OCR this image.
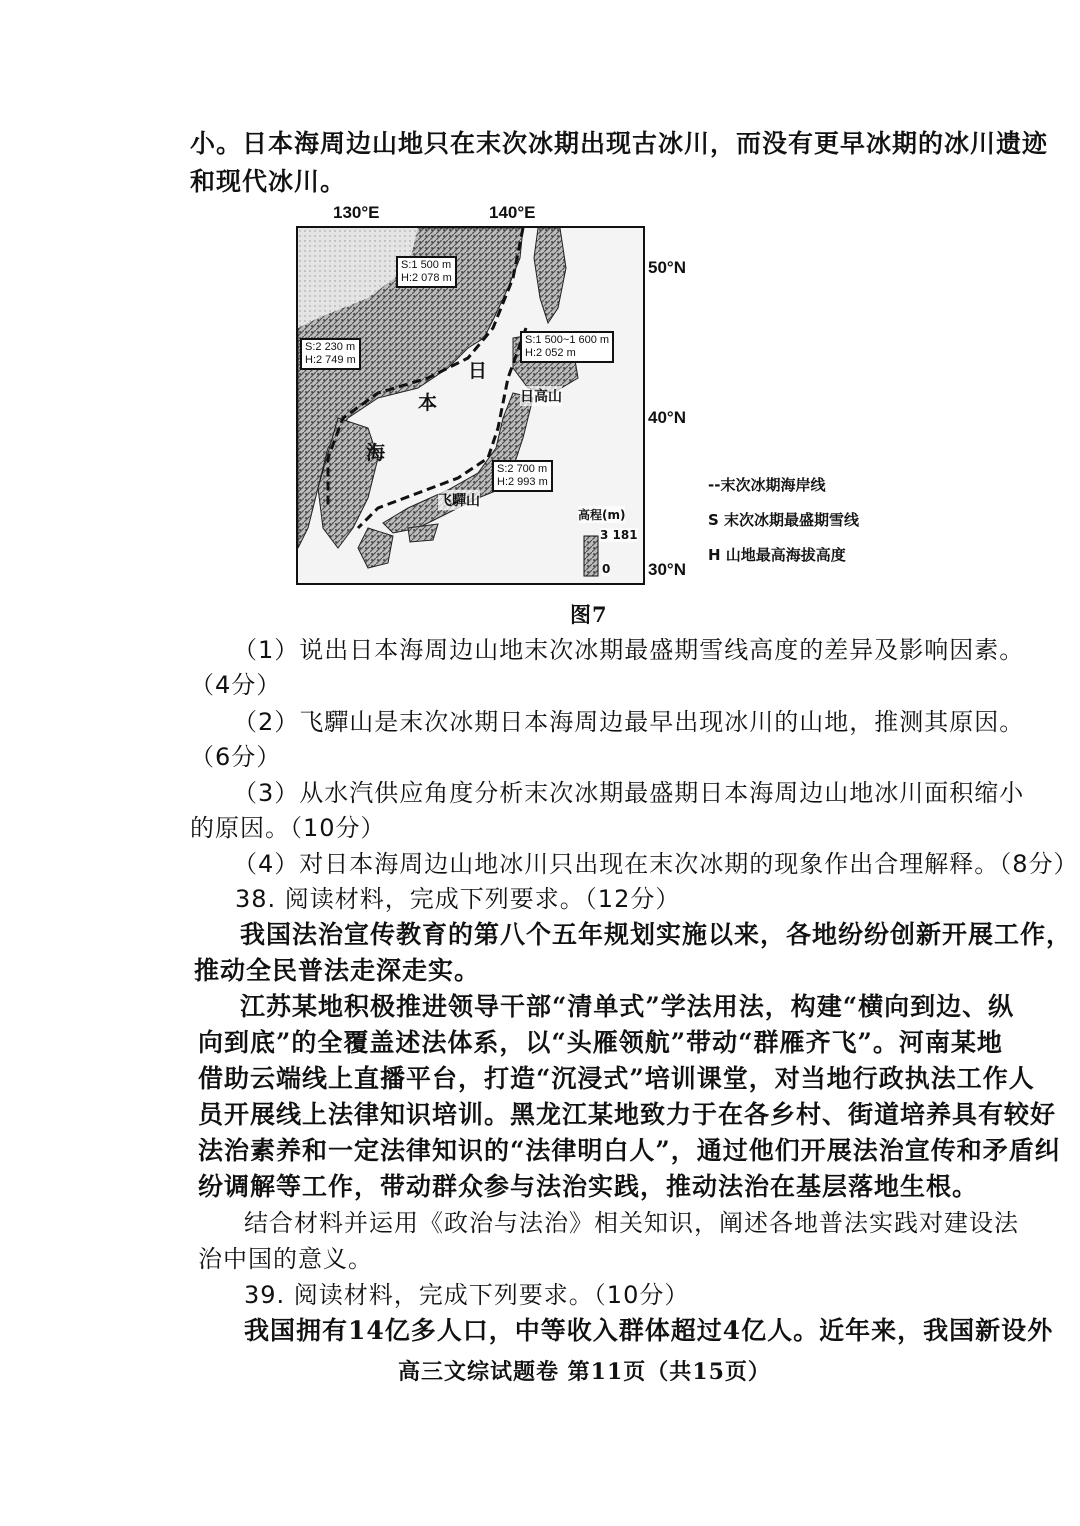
小。日本海周边山地只在末次冰期出现古冰川，而没有更早冰期的冰川遗迹
和现代冰川。
130°E	140°E
S:1 500 m
H:2 078 m
S:2 230 m
H:2 749 m
S:1 500~1 600 m
H:2 052 m
S:2 700 m
H:2 993 m
日
本
海
日高山
飞驒山
高程(m)
3 181
0
50°N
40°N
30°N
--末次冰期海岸线
S 末次冰期最盛期雪线
H 山地最高海拔高度
图7
（1）说出日本海周边山地末次冰期最盛期雪线高度的差异及影响因素。
（4分）
（2）飞驒山是末次冰期日本海周边最早出现冰川的山地，推测其原因。
（6分）
（3）从水汽供应角度分析末次冰期最盛期日本海周边山地冰川面积缩小
的原因。（10分）
（4）对日本海周边山地冰川只出现在末次冰期的现象作出合理解释。（8分）
38. 阅读材料，完成下列要求。（12分）
我国法治宣传教育的第八个五年规划实施以来，各地纷纷创新开展工作，
推动全民普法走深走实。
江苏某地积极推进领导干部“清单式”学法用法，构建“横向到边、纵
向到底”的全覆盖述法体系，以“头雁领航”带动“群雁齐飞”。河南某地
借助云端线上直播平台，打造“沉浸式”培训课堂，对当地行政执法工作人
员开展线上法律知识培训。黑龙江某地致力于在各乡村、街道培养具有较好
法治素养和一定法律知识的“法律明白人”，通过他们开展法治宣传和矛盾纠
纷调解等工作，带动群众参与法治实践，推动法治在基层落地生根。
结合材料并运用《政治与法治》相关知识，阐述各地普法实践对建设法
治中国的意义。
39. 阅读材料，完成下列要求。（10分）
我国拥有14亿多人口，中等收入群体超过4亿人。近年来，我国新设外
高三文综试题卷 第11页（共15页）
